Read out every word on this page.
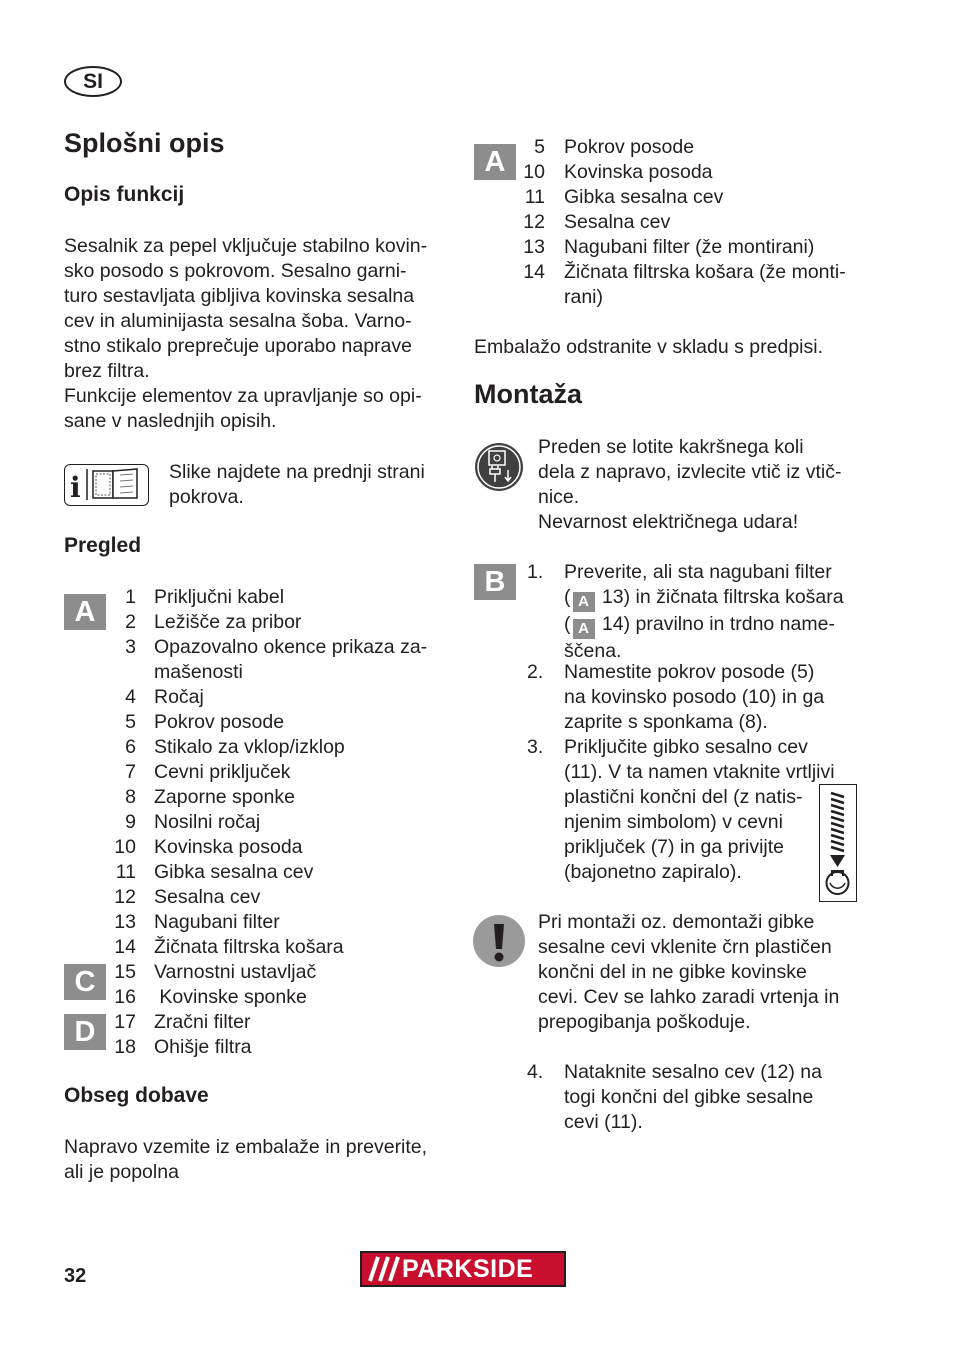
SI
Splošni opis
Opis funkcij
Sesalnik za pepel vključuje stabilno kovin-
sko posodo s pokrovom. Sesalno garni-
turo sestavljata gibljiva kovinska sesalna
cev in aluminijasta sesalna šoba. Varno-
stno stikalo preprečuje uporabo naprave
brez filtra.
Funkcije elementov za upravljanje so opi-
sane v naslednjih opisih.
i	Slike najdete na prednji strani
pokrova.
Pregled
A
C
D
1 Priključni kabel
2 Ležišče za pribor
3 Opazovalno okence prikaza za-
mašenosti
4 Ročaj
5 Pokrov posode
6 Stikalo za vklop/izklop
7 Cevni priključek
8 Zaporne sponke
9 Nosilni ročaj
10 Kovinska posoda
11 Gibka sesalna cev
12 Sesalna cev
13 Nagubani filter
14 Žičnata filtrska košara
15 Varnostni ustavljač
16 Kovinske sponke
17 Zračni filter
18 Ohišje filtra
Obseg dobave
Napravo vzemite iz embalaže in preverite,
ali je popolna
A	5 Pokrov posode
10 Kovinska posoda
11 Gibka sesalna cev
12 Sesalna cev
13 Nagubani filter (že montirani)
14 Žičnata filtrska košara (že monti-
rani)
Embalažo odstranite v skladu s predpisi.
Montaža
Preden se lotite kakršnega koli
dela z napravo, izvlecite vtič iz vtič-
nice.
Nevarnost električnega udara!
B	1. Preverite, ali sta nagubani filter
( A 13) in žičnata filtrska košara
( A 14) pravilno in trdno name-
ščena.
2. Namestite pokrov posode (5)
na kovinsko posodo (10) in ga
zaprite s sponkama (8).
3. Priključite gibko sesalno cev
(11). V ta namen vtaknite vrtljivi
plastični končni del (z natis-
njenim simbolom) v cevni
priključek (7) in ga privijte
(bajonetno zapiralo).
Pri montaži oz. demontaži gibke
sesalne cevi vklenite črn plastičen
končni del in ne gibke kovinske
cevi. Cev se lahko zaradi vrtenja in
prepogibanja poškoduje.
4. Nataknite sesalno cev (12) na
togi končni del gibke sesalne
cevi (11).
32	PARKSIDE
